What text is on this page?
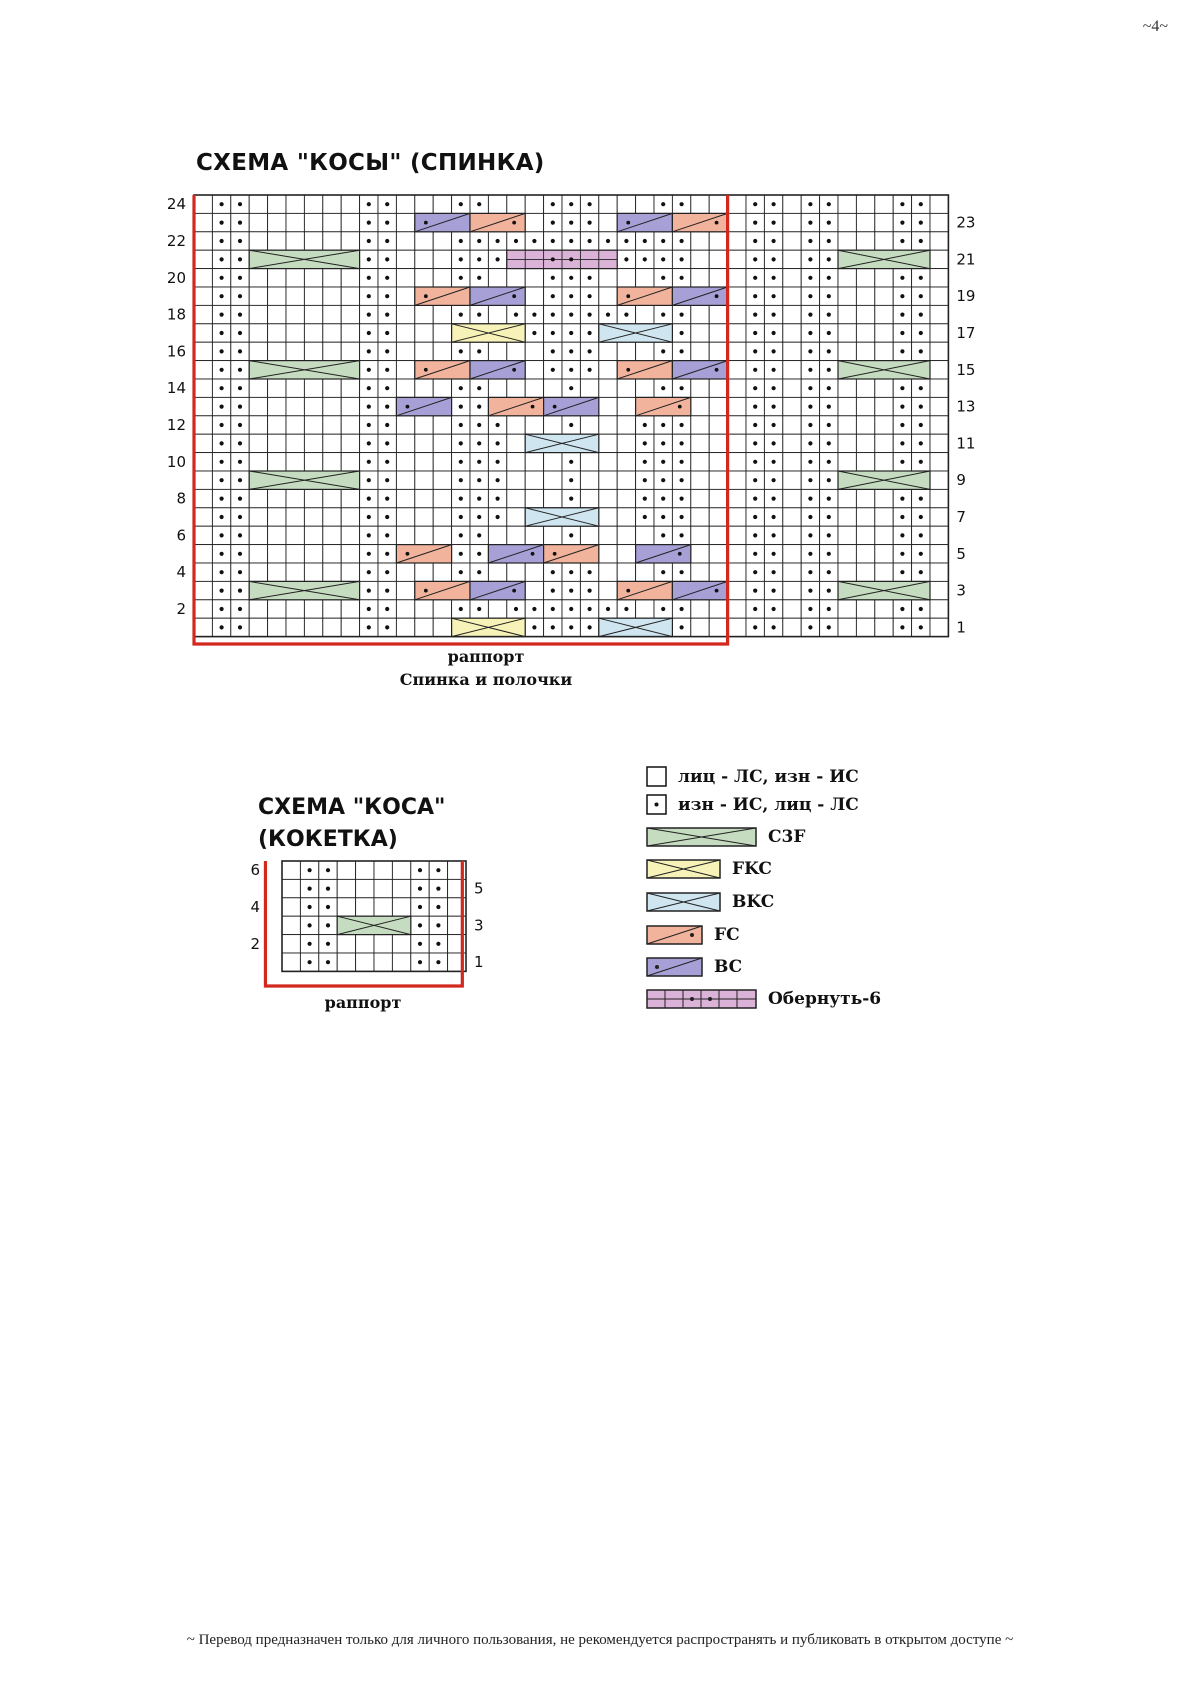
~4~
СХЕМА "КОСЫ" (СПИНКА)
СХЕМА "КОСА"
(КОКЕТКА)
2
4
6
8
10
12
14
16
18
20
22
24
1
3
5
7
9
11
13
15
17
19
21
23
раппорт
Спинка и полочки
2
4
6
1
3
5
раппорт
лиц - ЛС, изн - ИС
изн - ИС, лиц - ЛС
C3F
FKC
BKC
FC
BC
Обернуть-6
~ Перевод предназначен только для личного пользования, не рекомендуется распространять и публиковать в открытом доступе ~
